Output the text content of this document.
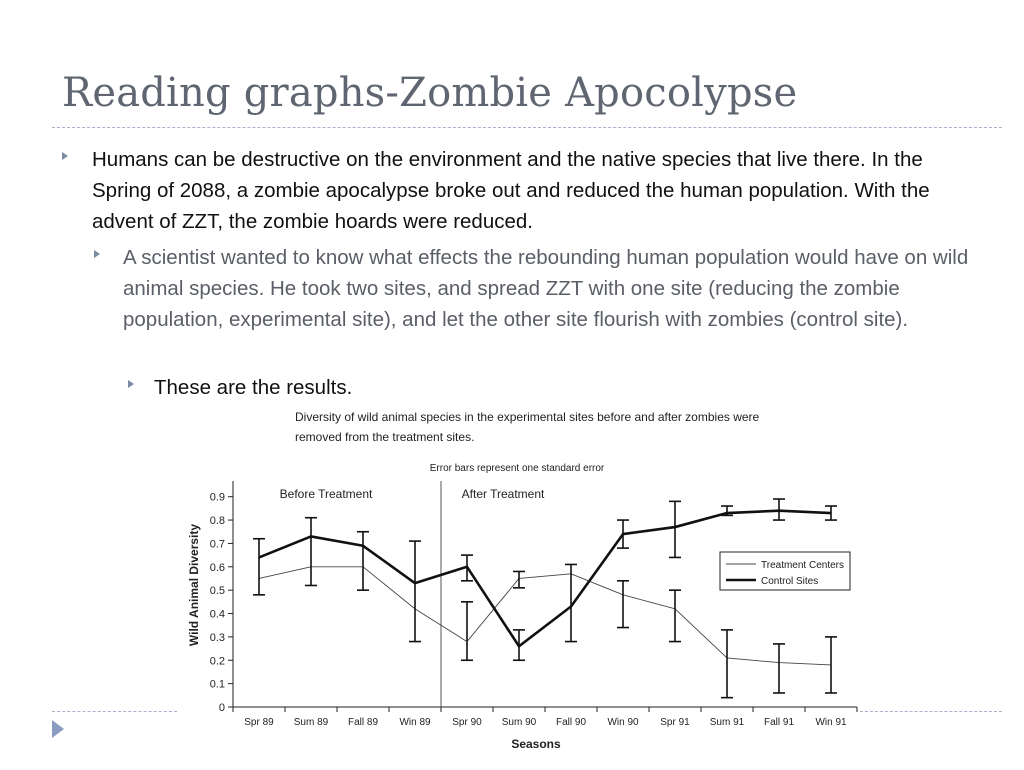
Reading graphs-Zombie Apocolypse
Humans can be destructive on the environment and the native species that live there. In the Spring of 2088, a zombie apocalypse broke out and reduced the human population. With the advent of ZZT, the zombie hoards were reduced.
A scientist wanted to know what effects the rebounding human population would have on wild animal species. He took two sites, and spread ZZT with one site (reducing the zombie population, experimental site), and let the other site flourish with zombies (control site).
These are the results.
Diversity of wild animal species in the experimental sites before and after zombies were
removed from the treatment sites.
Error bars represent one standard error
Before Treatment	After Treatment
Wild Animal Diversity
Seasons
0
0.1
0.2
0.3
0.4
0.5
0.6
0.7
0.8
0.9
Spr 89 Sum 89 Fall 89 Win 89 Spr 90 Sum 90 Fall 90 Win 90 Spr 91 Sum 91 Fall 91 Win 91
Treatment Centers
Control Sites
